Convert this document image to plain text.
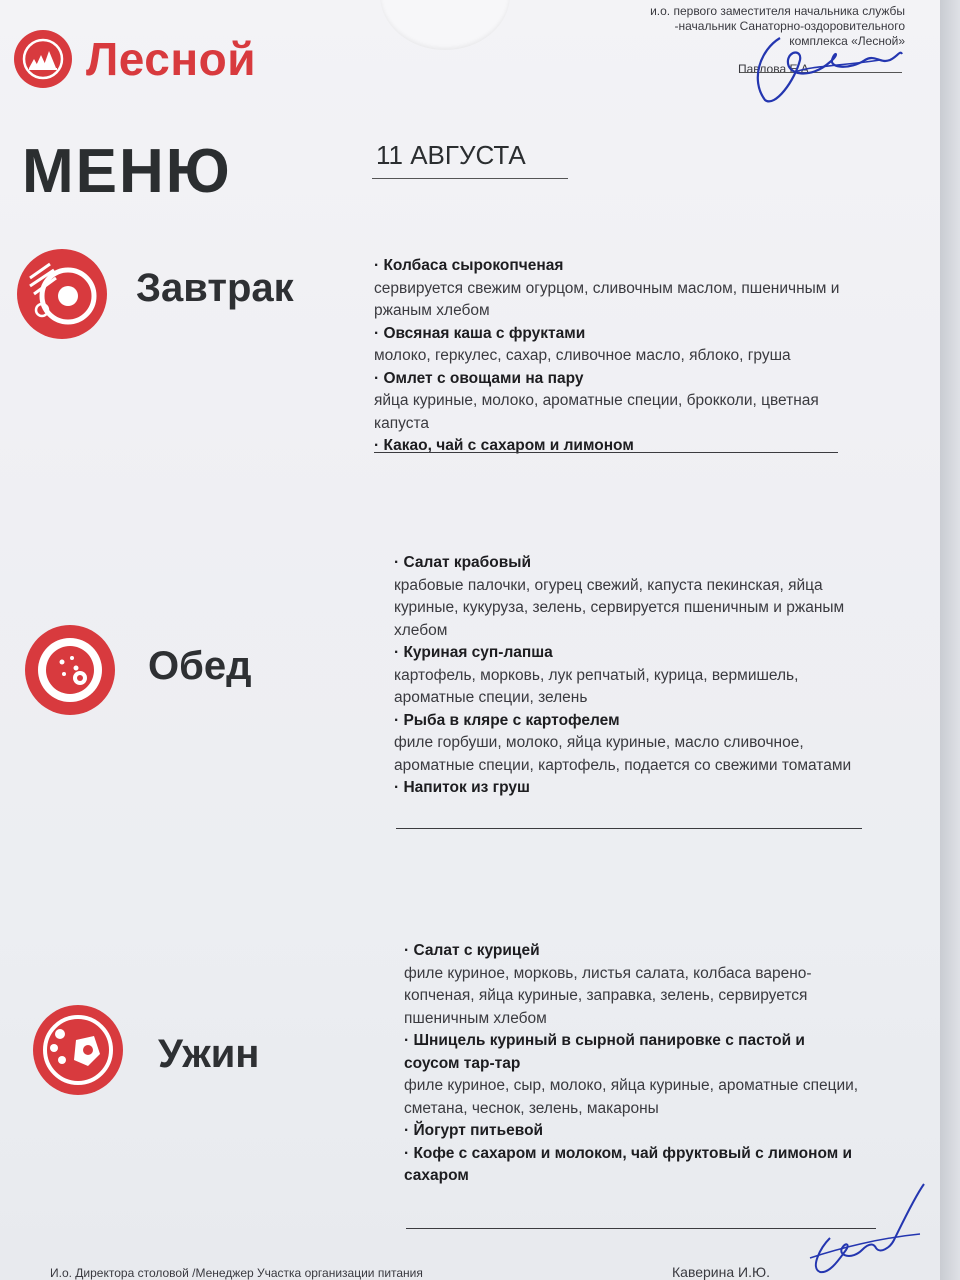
Лесной
и.о. первого заместителя начальника службы
-начальник Санаторно-оздоровительного
комплекса «Лесной»
Павлова Е.А.
МЕНЮ	11 АВГУСТА
Завтрак
· Колбаса сырокопченая
сервируется свежим огурцом, сливочным маслом, пшеничным и ржаным хлебом
· Овсяная каша с фруктами
молоко, геркулес, сахар, сливочное масло, яблоко, груша
· Омлет с овощами на пару
яйца куриные, молоко, ароматные специи, брокколи, цветная капуста
· Какао, чай с сахаром и лимоном
Обед
· Салат крабовый
крабовые палочки, огурец свежий, капуста пекинская, яйца куриные, кукуруза, зелень, сервируется пшеничным и ржаным хлебом
· Куриная суп-лапша
картофель, морковь, лук репчатый, курица, вермишель, ароматные специи, зелень
· Рыба в кляре с картофелем
филе горбуши, молоко, яйца куриные, масло сливочное, ароматные специи, картофель, подается со свежими томатами
· Напиток из груш
Ужин
· Салат с курицей
филе куриное, морковь, листья салата, колбаса варено-копченая, яйца куриные, заправка, зелень, сервируется пшеничным хлебом
· Шницель куриный в сырной панировке с пастой и соусом тар-тар
филе куриное, сыр, молоко, яйца куриные, ароматные специи, сметана, чеснок, зелень, макароны
· Йогурт питьевой
· Кофе с сахаром и молоком, чай фруктовый с лимоном и сахаром
И.о. Директора столовой /Менеджер Участка организации питания	Каверина И.Ю.
